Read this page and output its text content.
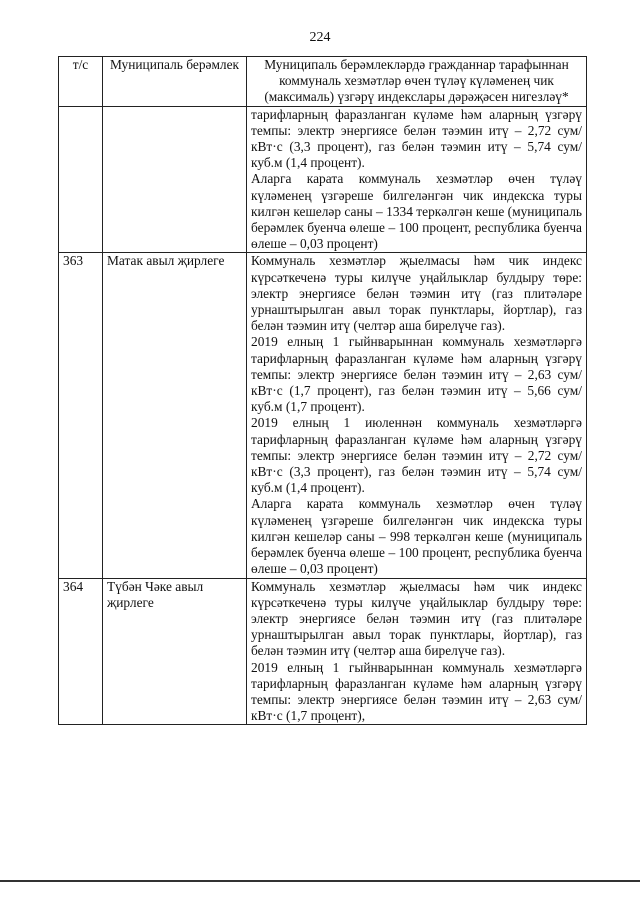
224
т/с	Муниципаль берәмлек	Муниципаль берәмлекләрдә гражданнар тарафыннан коммуналь хезмәтләр өчен түләү күләменең чик (максималь) үзгәрү индекслары дәрәҗәсен нигезләү*

		тарифларның фаразланган күләме һәм аларның үзгәрү темпы: электр энергиясе белән тәэмин итү – 2,72 сум/кВт·с (3,3 процент), газ белән тәэмин итү – 5,74 сум/куб.м (1,4 процент).

Аларга карата коммуналь хезмәтләр өчен түләү күләменең үзгәреше билгеләнгән чик индекска туры килгән кешеләр саны – 1334 теркәлгән кеше (муниципаль берәмлек буенча өлеше – 100 процент, республика буенча өлеше – 0,03 процент)

363	Матак авыл җирлеге	Коммуналь хезмәтләр җыелмасы һәм чик индекс күрсәткеченә туры килүче уңайлыклар булдыру төре: электр энергиясе белән тәэмин итү (газ плитәләре урнаштырылган авыл торак пунктлары, йортлар), газ белән тәэмин итү (челтәр аша бирелүче газ).

2019 елның 1 гыйнварыннан коммуналь хезмәтләргә тарифларның фаразланган күләме һәм аларның үзгәрү темпы: электр энергиясе белән тәэмин итү – 2,63 сум/кВт·с (1,7 процент), газ белән тәэмин итү – 5,66 сум/куб.м (1,7 процент).

2019 елның 1 июленнән коммуналь хезмәтләргә тарифларның фаразланган күләме һәм аларның үзгәрү темпы: электр энергиясе белән тәэмин итү – 2,72 сум/кВт·с (3,3 процент), газ белән тәэмин итү – 5,74 сум/куб.м (1,4 процент).

Аларга карата коммуналь хезмәтләр өчен түләү күләменең үзгәреше билгеләнгән чик индекска туры килгән кешеләр саны – 998 теркәлгән кеше (муниципаль берәмлек буенча өлеше – 100 процент, республика буенча өлеше – 0,03 процент)

364	Түбән Чәке авыл җирлеге	Коммуналь хезмәтләр җыелмасы һәм чик индекс күрсәткеченә туры килүче уңайлыклар булдыру төре: электр энергиясе белән тәэмин итү (газ плитәләре урнаштырылган авыл торак пунктлары, йортлар), газ белән тәэмин итү (челтәр аша бирелүче газ).

2019 елның 1 гыйнварыннан коммуналь хезмәтләргә тарифларның фаразланган күләме һәм аларның үзгәрү темпы: электр энергиясе белән тәэмин итү – 2,63 сум/кВт·с (1,7 процент),
